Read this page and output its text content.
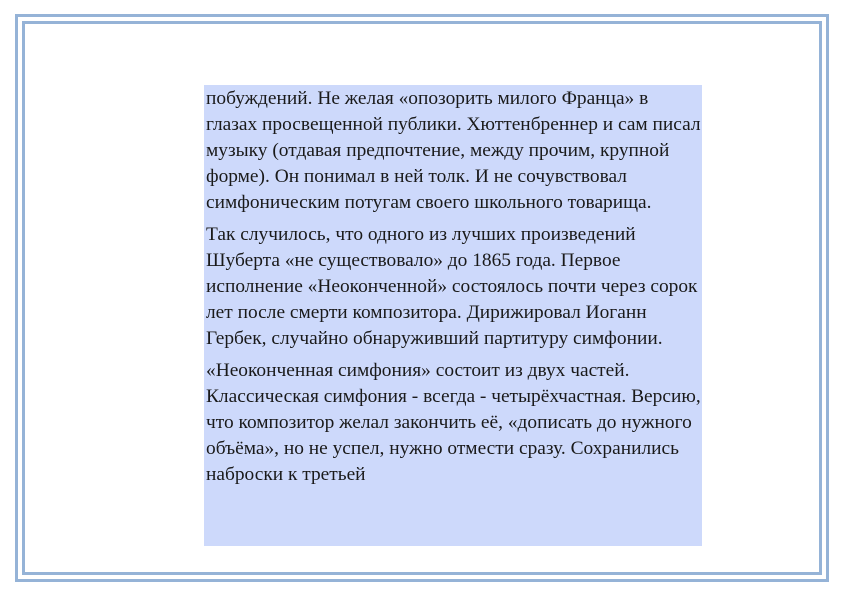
побуждений. Не желая «опозорить милого Франца» в глазах просвещенной публики. Хюттенбреннер и сам писал музыку (отдавая предпочтение, между прочим, крупной форме). Он понимал в ней толк. И не сочувствовал симфоническим потугам своего школьного товарища.

Так случилось, что одного из лучших произведений Шуберта «не существовало» до 1865 года. Первое исполнение «Неоконченной» состоялось почти через сорок лет после смерти композитора. Дирижировал Иоганн Гербек, случайно обнаруживший партитуру симфонии.

«Неоконченная симфония» состоит из двух частей. Классическая симфония - всегда - четырёхчастная. Версию, что композитор желал закончить её, «дописать до нужного объёма», но не успел, нужно отмести сразу. Сохранились наброски к третьей
